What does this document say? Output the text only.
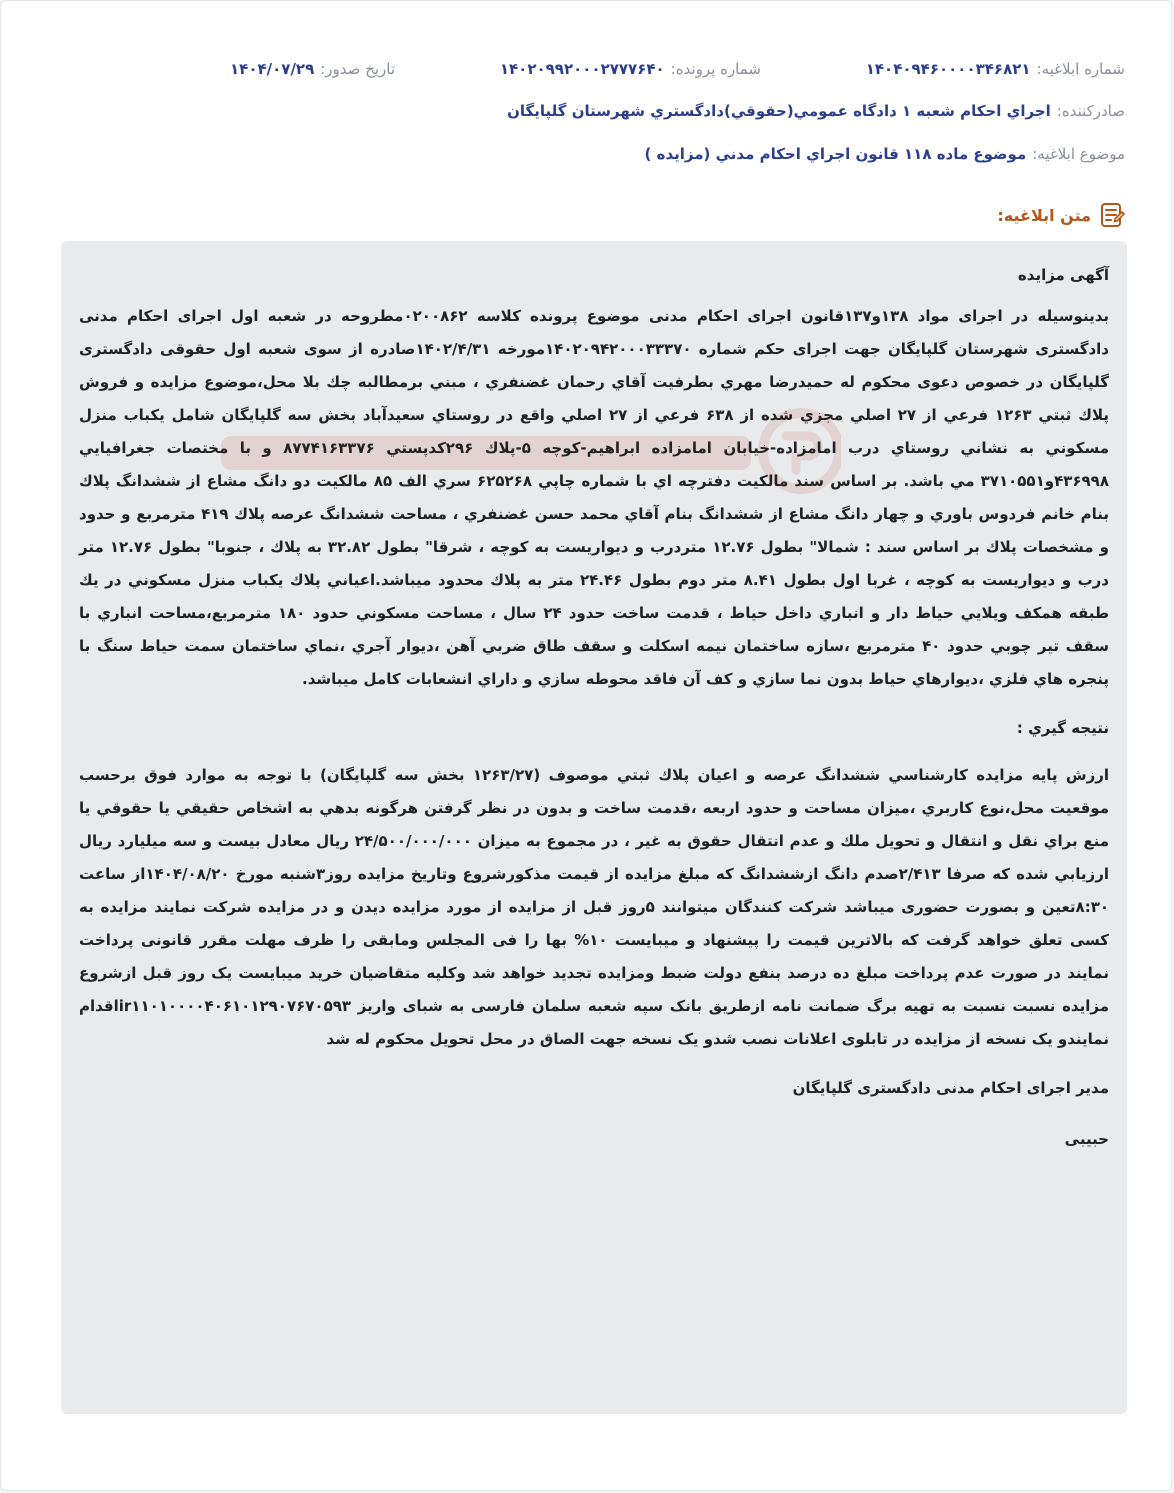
شماره ابلاغیه:
۱۴۰۴۰۹۴۶۰۰۰۰۳۴۶۸۲۱
شماره پرونده:
۱۴۰۲۰۹۹۲۰۰۰۲۷۷۷۶۴۰
تاریخ صدور:
۱۴۰۴/۰۷/۲۹
صادرکننده:
اجراي احكام شعبه ۱ دادگاه عمومي(حقوقي)دادگستري شهرستان گلپايگان
موضوع ابلاغیه:
موضوع ماده ۱۱۸ قانون اجراي احكام مدني (مزايده )
متن ابلاغیه:

آگهی مزایده

بدینوسیله در اجرای مواد ۱۳۸و۱۳۷قانون اجرای احکام مدنی موضوع پرونده کلاسه ۰۲۰۰۸۶۲مطروحه در شعبه اول اجرای احکام مدنی دادگستری شهرستان گلپایگان جهت اجرای حکم شماره ۱۴۰۲۰۹۴۲۰۰۰۳۳۳۷۰مورخه ۱۴۰۲/۴/۳۱صادره از سوی شعبه اول حقوقی دادگستری گلپایگان در خصوص دعوی محکوم له حمیدرضا مهري بطرفيت آقاي رحمان غضنفري ، مبني برمطالبه چك بلا محل،موضوع مزایده و فروش پلاك ثبتي ۱۲۶۳ فرعي از ۲۷ اصلي مجزي شده از ۶۳۸ فرعي از ۲۷ اصلي واقع در روستاي سعيدآباد بخش سه گلپايگان شامل يكباب منزل مسكوني به نشاني روستاي درب امامزاده-خيابان امامزاده ابراهيم-كوچه ۵-پلاك ۲۹۶كدپستي ۸۷۷۴۱۶۳۳۷۶ و با مختصات جغرافيايي ۴۳۶۹۹۸و۳۷۱۰۵۵۱ مي باشد. بر اساس سند مالكيت دفترچه اي با شماره چاپي ۶۲۵۲۶۸ سري الف ۸۵ مالكيت دو دانگ مشاع از ششدانگ پلاك بنام خانم فردوس باوري و چهار دانگ مشاع از ششدانگ بنام آقاي محمد حسن غضنفري ، مساحت ششدانگ عرصه پلاك ۴۱۹ مترمربع و حدود و مشخصات پلاك بر اساس سند : شمالا" بطول ۱۲.۷۶ متردرب و ديواريست به كوچه ، شرقا" بطول ۳۲.۸۲ به پلاك ، جنوبا" بطول ۱۲.۷۶ متر درب و ديواريست به كوچه ، غربا اول بطول ۸.۴۱ متر دوم بطول ۲۴.۴۶ متر به پلاك محدود ميباشد.اعياني پلاك يكباب منزل مسكوني در يك طبقه همكف ويلايي حياط دار و انباري داخل حياط ، قدمت ساخت حدود ۲۴ سال ، مساحت مسكوني حدود ۱۸۰ مترمربع،مساحت انباري با سقف تير چوبي حدود ۴۰ مترمربع ،سازه ساختمان نيمه اسكلت و سقف طاق ضربي آهن ،ديوار آجري ،نماي ساختمان سمت حياط سنگ با پنجره هاي فلزي ،ديوارهاي حياط بدون نما سازي و كف آن فاقد محوطه سازي و داراي انشعابات كامل ميباشد.

نتيجه گيري :

ارزش پايه مزايده كارشناسي ششدانگ عرصه و اعيان پلاك ثبتي موصوف (۱۲۶۳/۲۷ بخش سه گلپايگان) با توجه به موارد فوق برحسب موقعيت محل،نوع كاربري ،ميزان مساحت و حدود اربعه ،قدمت ساخت و بدون در نظر گرفتن هرگونه بدهي به اشخاص حقيقي يا حقوقي يا منع براي نقل و انتقال و تحويل ملك و عدم انتقال حقوق به غير ، در مجموع به ميزان ۲۴/۵۰۰/۰۰۰/۰۰۰ ريال معادل بيست و سه ميليارد ريال ارزيابي شده كه صرفا ۲/۴۱۳صدم دانگ ازششدانگ که مبلغ مزایده از قیمت مذکورشروع وتاریخ مزایده روز۳شنبه مورخ ۱۴۰۴/۰۸/۲۰از ساعت ۸:۳۰تعین و بصورت حضوری میباشد شرکت کنندگان میتوانند ۵روز قبل از مزایده از مورد مزایده دیدن و در مزایده شرکت نمایند مزایده به کسی تعلق خواهد گرفت که بالاترین قیمت را پیشنهاد و میبایست ۱۰% بها را فی المجلس ومابقی را ظرف مهلت مقرر قانونی پرداخت نمایند در صورت عدم پرداخت مبلغ ده درصد بنفع دولت ضبط ومزایده تجدید خواهد شد وکلیه متقاضیان خرید میبایست یک روز قبل ازشروع مزایده نسبت نسبت به تهیه برگ ضمانت نامه ازطریق بانک سپه شعبه سلمان فارسی به شبای واریز ir۱۱۰۱۰۰۰۰۴۰۶۱۰۱۲۹۰۷۶۷۰۵۹۳اقدام نمایندو یک نسخه از مزایده در تابلوی اعلانات نصب شدو یک نسخه جهت الصاق در محل تحویل محکوم له شد

مدیر اجرای احکام مدنی دادگستری گلپایگان

حبیبی
